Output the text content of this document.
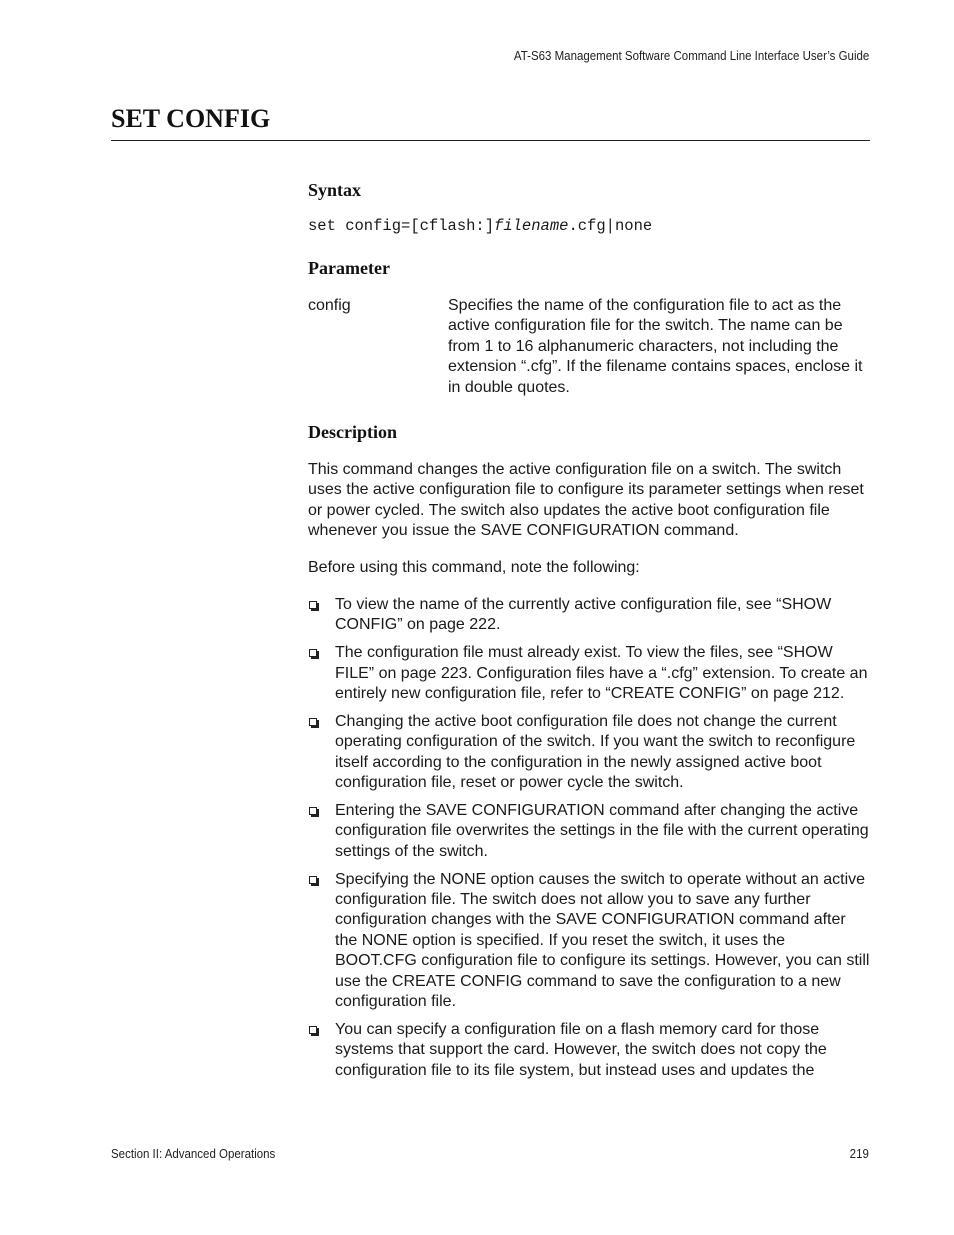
AT-S63 Management Software Command Line Interface User’s Guide
SET CONFIG
Syntax
set config=[cflash:]filename.cfg|none
Parameter
config	Specifies the name of the configuration file to act as the active configuration file for the switch. The name can be from 1 to 16 alphanumeric characters, not including the extension “.cfg”. If the filename contains spaces, enclose it in double quotes.
Description

This command changes the active configuration file on a switch. The switch uses the active configuration file to configure its parameter settings when reset or power cycled. The switch also updates the active boot configuration file whenever you issue the SAVE CONFIGURATION command.

Before using this command, note the following:

To view the name of the currently active configuration file, see “SHOW CONFIG” on page 222.
The configuration file must already exist. To view the files, see “SHOW FILE” on page 223. Configuration files have a “.cfg” extension. To create an entirely new configuration file, refer to “CREATE CONFIG” on page 212.
Changing the active boot configuration file does not change the current operating configuration of the switch. If you want the switch to reconfigure itself according to the configuration in the newly assigned active boot configuration file, reset or power cycle the switch.
Entering the SAVE CONFIGURATION command after changing the active configuration file overwrites the settings in the file with the current operating settings of the switch.
Specifying the NONE option causes the switch to operate without an active configuration file. The switch does not allow you to save any further configuration changes with the SAVE CONFIGURATION command after the NONE option is specified. If you reset the switch, it uses the BOOT.CFG configuration file to configure its settings. However, you can still use the CREATE CONFIG command to save the configuration to a new configuration file.
You can specify a configuration file on a flash memory card for those systems that support the card. However, the switch does not copy the configuration file to its file system, but instead uses and updates the
Section II: Advanced Operations	219
